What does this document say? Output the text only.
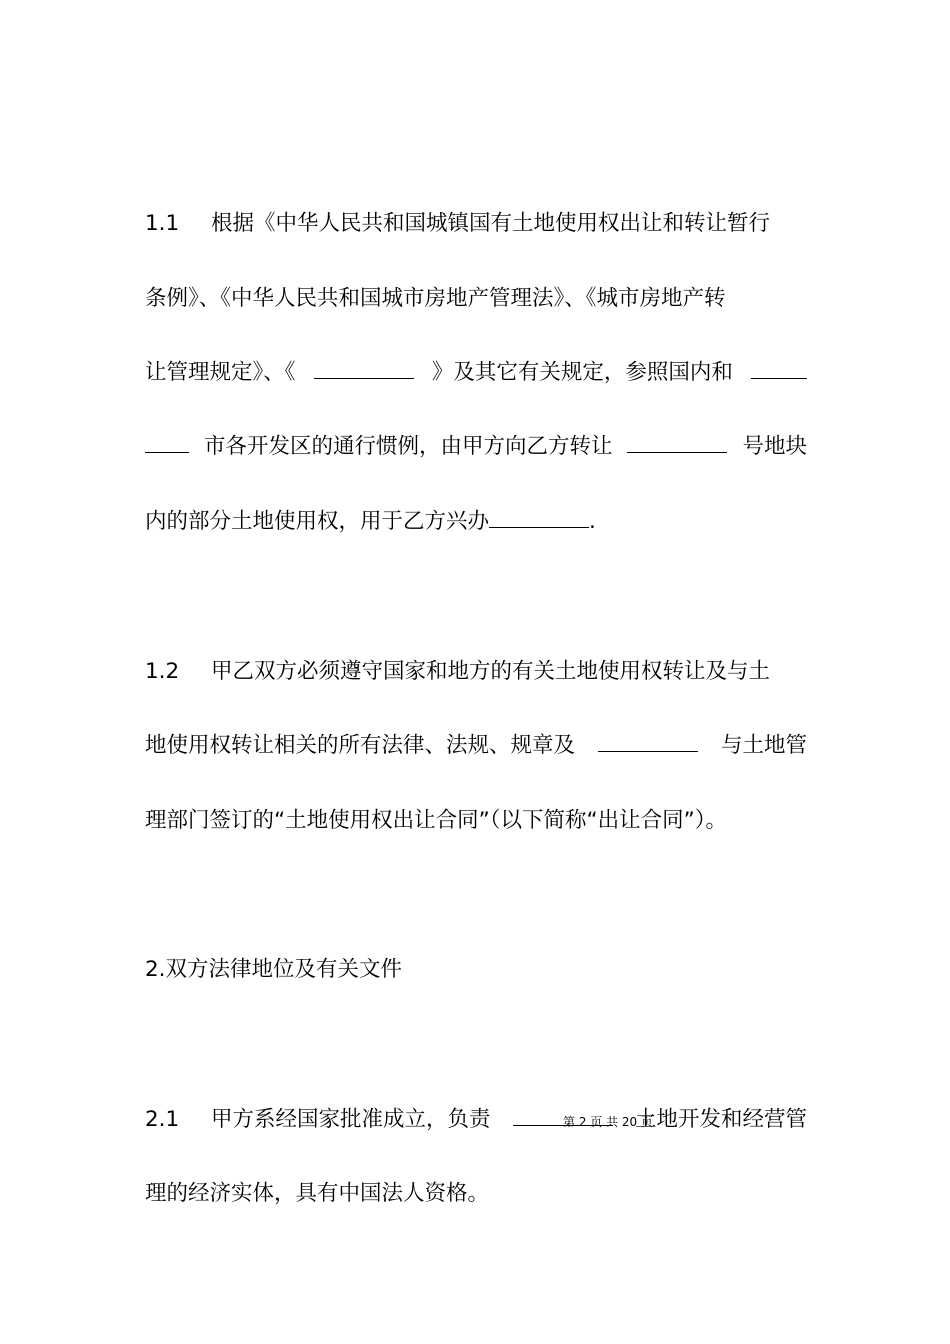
1.1 根据《中华人民共和国城镇国有土地使用权出让和转让暂行
条例》、《中华人民共和国城市房地产管理法》、《城市房地产转
让管理规定》、《	》及其它有关规定，参照国内和
市各开发区的通行惯例，由甲方向乙方转让	号地块
内的部分土地使用权，用于乙方兴办	.
1.2 甲乙双方必须遵守国家和地方的有关土地使用权转让及与土
地使用权转让相关的所有法律、法规、规章及	与土地管
理部门签订的“土地使用权出让合同”（以下简称“出让合同”）。
2.双方法律地位及有关文件
2.1 甲方系经国家批准成立，负责	土地开发和经营管
理的经济实体，具有中国法人资格。
第 2 页 共 20 页
